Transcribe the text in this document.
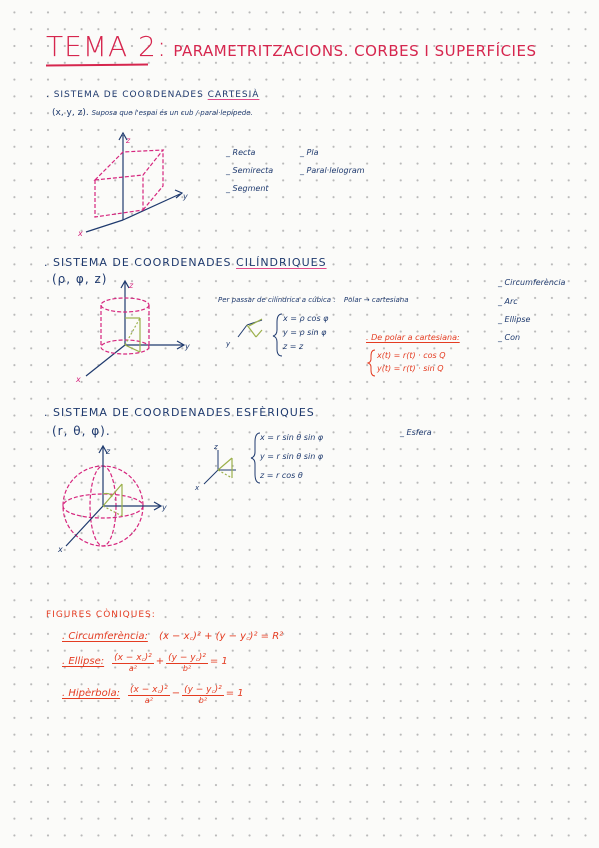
TEMA 2: PARAMETRITZACIONS. CORBES I SUPERFÍCIES
. SISTEMA DE COORDENADES CARTESIÀ
(x, y, z). Suposa que l'espai és un cub / paral·lepípede.
z
y
x
_ Recta
_ Semirecta
_ Segment
_ Pla
_ Paral·lelogram
. SISTEMA DE COORDENADES CILÍNDRIQUES
(ρ, φ, z)	z
y
x
y
Per passar de cilíndrica a cúbica : Polar → cartesiana
x = ρ cos φ
y = ρ sin φ
z = z
. De polar a cartesiana:
x(t) = r(t) · cos Q
y(t) = r(t) · sin Q
_ Circumferència
_ Arc
_ Ellipse
_ Con
. SISTEMA DE COORDENADES ESFÈRIQUES
(r, θ, φ).
z
y
x
z
x
x = r sin θ sin φ
y = r sin θ sin φ
z = r cos θ
_ Esfera
FIGURES CÒNIQUES:
. Circumferència: (x − x꜀)² + (y − y꜀)² = R²
. Ellipse: $\frac{\text{(x − x꜀)²}}{\text{a²}} + \frac{\text{(y − y꜀)²}}{\text{b²}} = 1$
. Hipèrbola: $\frac{\text{(x − x꜀)²}}{\text{a²}} - \frac{\text{(y − y꜀)²}}{\text{b²}} = 1$
